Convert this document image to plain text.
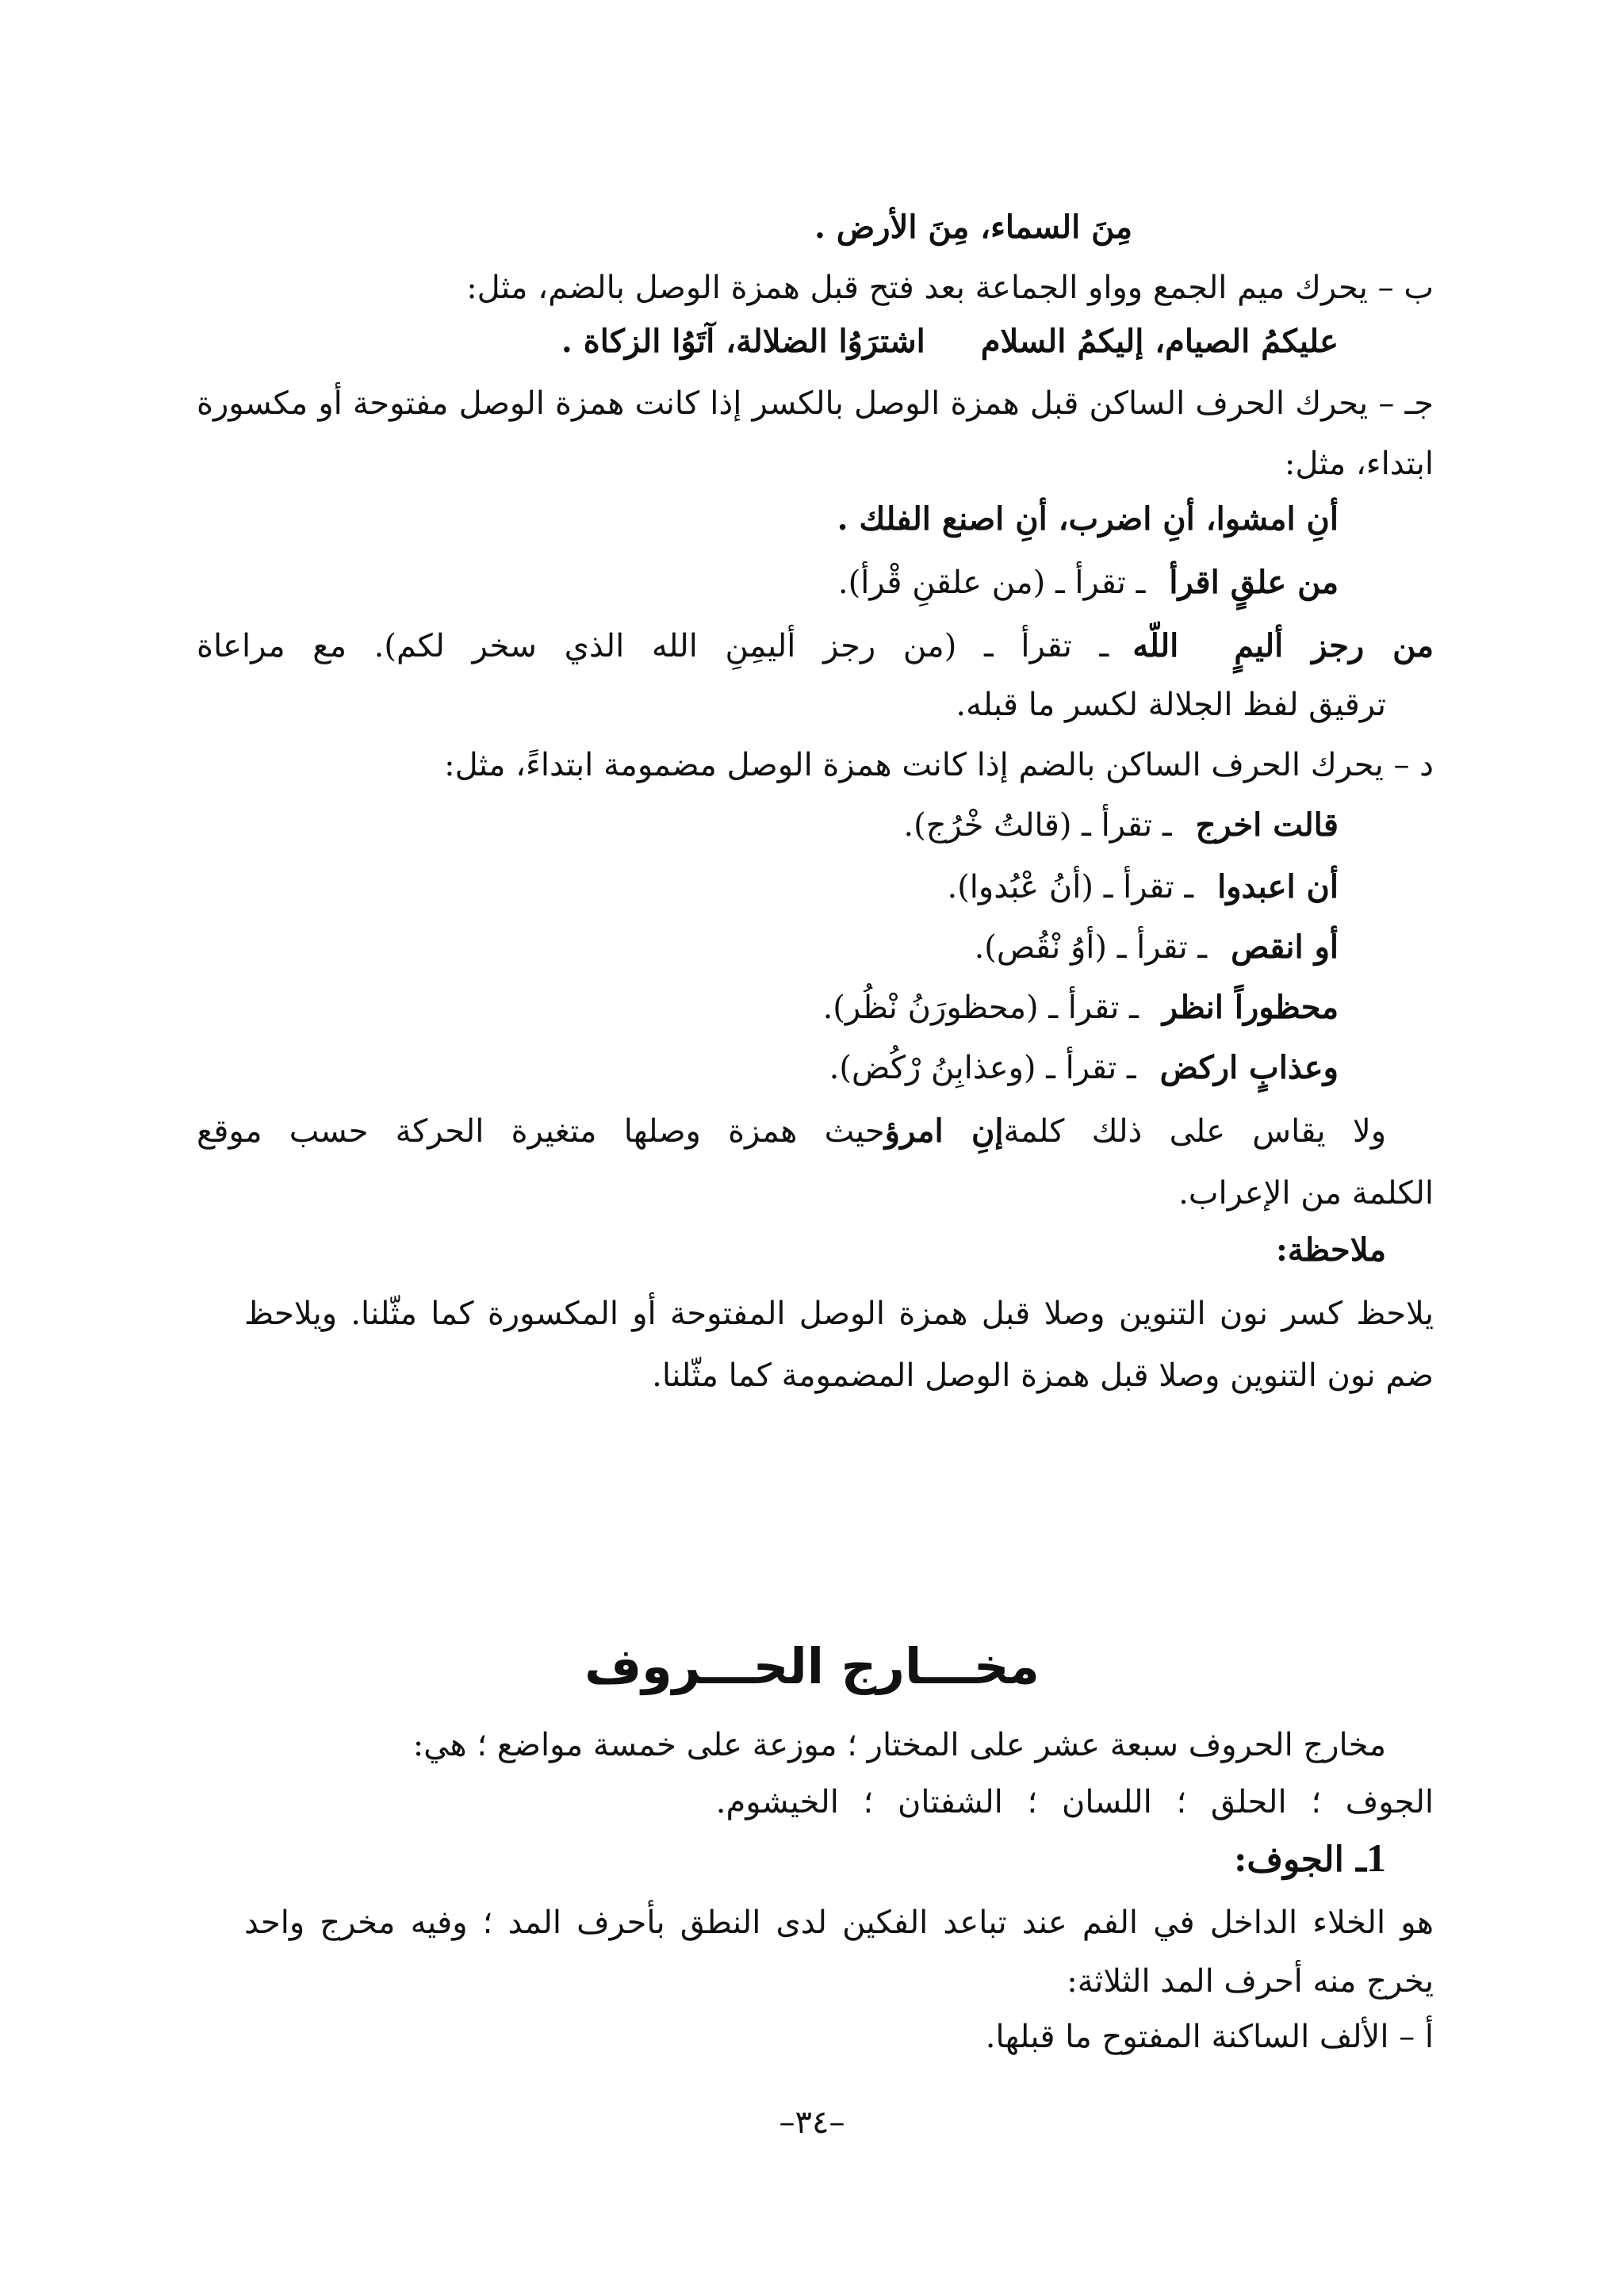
مِنَ السماء، مِنَ الأرض .
ب – يحرك ميم الجمع وواو الجماعة بعد فتح قبل همزة الوصل بالضم، مثل:
عليكمُ الصيام، إليكمُ السلاماشترَوُا الضلالة، آتَوُا الزكاة .
جـ – يحرك الحرف الساكن قبل همزة الوصل بالكسر إذا كانت همزة الوصل مفتوحة أو مكسورة
ابتداء، مثل:
أنِ امشوا، أنِ اضرب، أنِ اصنع الفلك .
من علقٍ اقرأـ تقرأ ـ (من علقنِ قْرأ).
من رجز أليمٍاللّهـ تقرأ ـ (من رجز أليمِنِ الله الذي سخر لكم). مع مراعاة
ترقيق لفظ الجلالة لكسر ما قبله.
د – يحرك الحرف الساكن بالضم إذا كانت همزة الوصل مضمومة ابتداءً، مثل:
قالت اخرجـ تقرأ ـ (قالتُ خْرُج).
أن اعبدواـ تقرأ ـ (أنُ عْبُدوا).
أو انقصـ تقرأ ـ (أوُ نْقُص).
محظوراً انظرـ تقرأ ـ (محظورَنُ نْظُر).
وعذابٍ اركضـ تقرأ ـ (وعذابِنُ رْكُض).
ولا يقاس على ذلك كلمةإنِ امرؤحيث همزة وصلها متغيرة الحركة حسب موقع
الكلمة من الإعراب.
ملاحظة:
يلاحظ كسر نون التنوين وصلا قبل همزة الوصل المفتوحة أو المكسورة كما مثّلنا. ويلاحظ
ضم نون التنوين وصلا قبل همزة الوصل المضمومة كما مثّلنا.
مخـــارج الحـــروف
مخارج الحروف سبعة عشر على المختار ؛ موزعة على خمسة مواضع ؛ هي:
الجوف ؛ الحلق ؛ اللسان ؛ الشفتان ؛ الخيشوم.
1ـ الجوف:
هو الخلاء الداخل في الفم عند تباعد الفكين لدى النطق بأحرف المد ؛ وفيه مخرج واحد
يخرج منه أحرف المد الثلاثة:
أ – الألف الساكنة المفتوح ما قبلها.
–٣٤–
